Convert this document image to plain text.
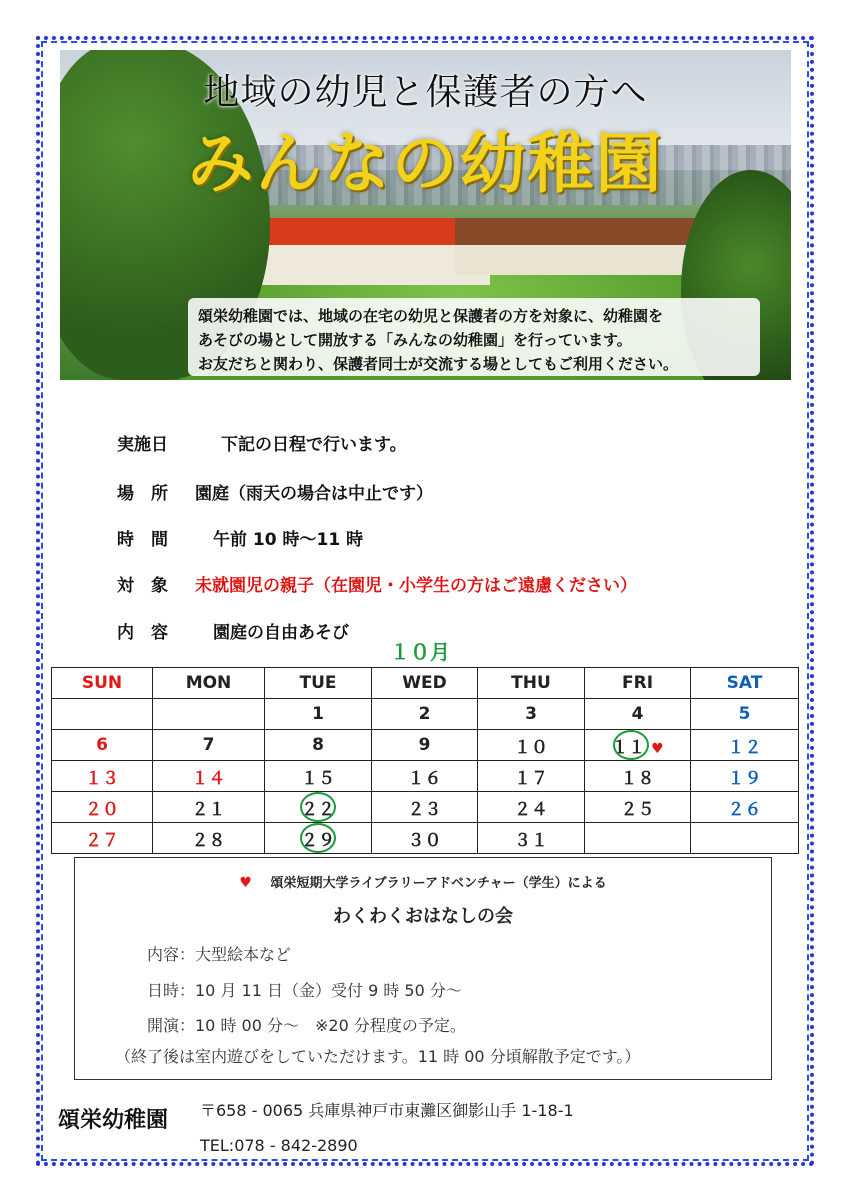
地域の幼児と保護者の方へ
みんなの幼稚園
頌栄幼稚園では、地域の在宅の幼児と保護者の方を対象に、幼稚園を
あそびの場として開放する「みんなの幼稚園」を行っています。
お友だちと関わり、保護者同士が交流する場としてもご利用ください。
実施日	下記の日程で行います。
場　所 園庭（雨天の場合は中止です）
時　間	午前 10 時〜11 時
対　象 未就園児の親子（在園児・小学生の方はご遠慮ください）
内　容	園庭の自由あそび
１０月
SUN	MON	TUE	WED	THU	FRI	SAT
		1	2	3	4	5
6	7	8	9	１０	１１ ♥	１２
１３	１４	１５	１６	１７	１８	１９
２０	２１	２２	２３	２４	２５	２６
２７	２８	２９	３０	３１		
♥ 頌栄短期大学ライブラリーアドベンチャー（学生）による
わくわくおはなしの会
内容：大型絵本など
日時：10 月 11 日（金）受付 9 時 50 分〜
開演：10 時 00 分〜　※20 分程度の予定。
（終了後は室内遊びをしていただけます。11 時 00 分頃解散予定です。）
頌栄幼稚園 〒658 - 0065 兵庫県神戸市東灘区御影山手 1-18-1
TEL:078 - 842-2890
